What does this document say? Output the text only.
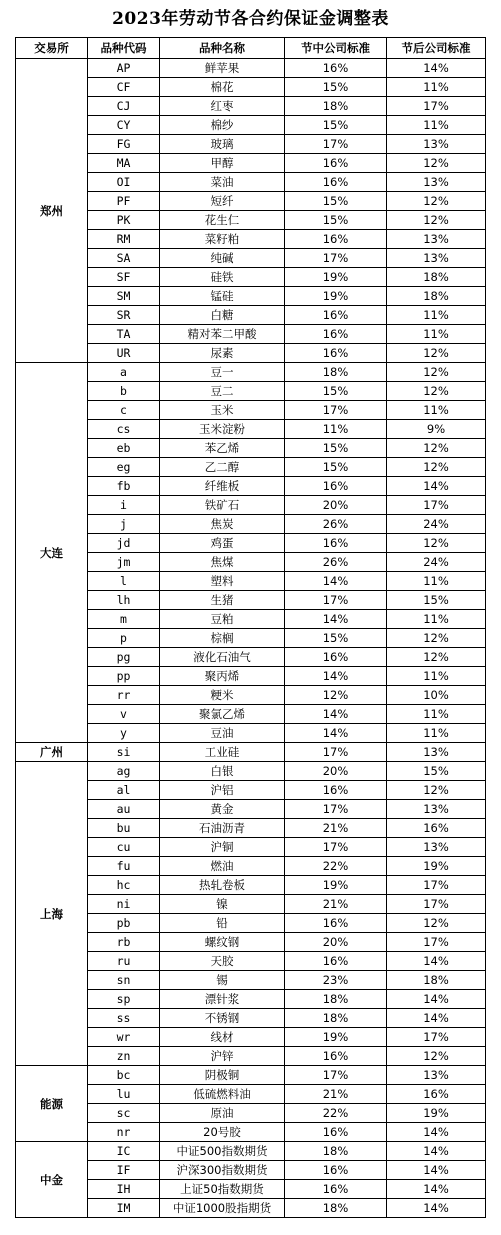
2023年劳动节各合约保证金调整表
交易所	品种代码	品种名称	节中公司标准	节后公司标准
郑州	AP	鲜苹果	16%	14%
	CF	棉花	15%	11%
	CJ	红枣	18%	17%
	CY	棉纱	15%	11%
	FG	玻璃	17%	13%
	MA	甲醇	16%	12%
	OI	菜油	16%	13%
	PF	短纤	15%	12%
	PK	花生仁	15%	12%
	RM	菜籽粕	16%	13%
	SA	纯碱	17%	13%
	SF	硅铁	19%	18%
	SM	锰硅	19%	18%
	SR	白糖	16%	11%
	TA	精对苯二甲酸	16%	11%
	UR	尿素	16%	12%
大连	a	豆一	18%	12%
	b	豆二	15%	12%
	c	玉米	17%	11%
	cs	玉米淀粉	11%	9%
	eb	苯乙烯	15%	12%
	eg	乙二醇	15%	12%
	fb	纤维板	16%	14%
	i	铁矿石	20%	17%
	j	焦炭	26%	24%
	jd	鸡蛋	16%	12%
	jm	焦煤	26%	24%
	l	塑料	14%	11%
	lh	生猪	17%	15%
	m	豆粕	14%	11%
	p	棕榈	15%	12%
	pg	液化石油气	16%	12%
	pp	聚丙烯	14%	11%
	rr	粳米	12%	10%
	v	聚氯乙烯	14%	11%
	y	豆油	14%	11%
广州	si	工业硅	17%	13%
上海	ag	白银	20%	15%
	al	沪铝	16%	12%
	au	黄金	17%	13%
	bu	石油沥青	21%	16%
	cu	沪铜	17%	13%
	fu	燃油	22%	19%
	hc	热轧卷板	19%	17%
	ni	镍	21%	17%
	pb	铅	16%	12%
	rb	螺纹钢	20%	17%
	ru	天胶	16%	14%
	sn	锡	23%	18%
	sp	漂针浆	18%	14%
	ss	不锈钢	18%	14%
	wr	线材	19%	17%
	zn	沪锌	16%	12%
能源	bc	阴极铜	17%	13%
	lu	低硫燃料油	21%	16%
	sc	原油	22%	19%
	nr	20号胶	16%	14%
中金	IC	中证500指数期货	18%	14%
	IF	沪深300指数期货	16%	14%
	IH	上证50指数期货	16%	14%
	IM	中证1000股指期货	18%	14%
